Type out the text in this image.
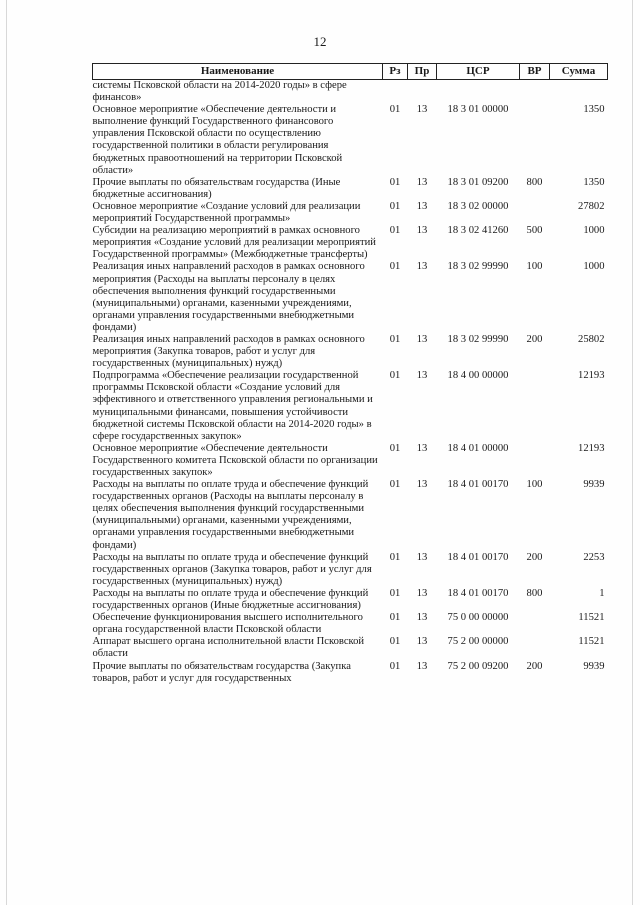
12
Наименование	Рз	Пр	ЦСР	ВР	Сумма
системы Псковской области на 2014-2020 годы» в сфере финансов»					
Основное мероприятие «Обеспечение деятельности и выполнение функций Государственного финансового управления Псковской области по осуществлению государственной политики в области регулирования бюджетных правоотношений на территории Псковской области»	01	13	18 3 01 00000		1350
Прочие выплаты по обязательствам государства (Иные бюджетные ассигнования)	01	13	18 3 01 09200	800	1350
Основное мероприятие «Создание условий для реализации мероприятий Государственной программы»	01	13	18 3 02 00000		27802
Субсидии на реализацию мероприятий в рамках основного мероприятия «Создание условий для реализации мероприятий Государственной программы» (Межбюджетные трансферты)	01	13	18 3 02 41260	500	1000
Реализация иных направлений расходов в рамках основного мероприятия (Расходы на выплаты персоналу в целях обеспечения выполнения функций государственными (муниципальными) органами, казенными учреждениями, органами управления государственными внебюджетными фондами)	01	13	18 3 02 99990	100	1000
Реализация иных направлений расходов в рамках основного мероприятия (Закупка товаров, работ и услуг для государственных (муниципальных) нужд)	01	13	18 3 02 99990	200	25802
Подпрограмма «Обеспечение реализации государственной программы Псковской области «Создание условий для эффективного и ответственного управления региональными и муниципальными финансами, повышения устойчивости бюджетной системы Псковской области на 2014-2020 годы» в сфере государственных закупок»	01	13	18 4 00 00000		12193
Основное мероприятие «Обеспечение деятельности Государственного комитета Псковской области по организации государственных закупок»	01	13	18 4 01 00000		12193
Расходы на выплаты по оплате труда и обеспечение функций государственных органов (Расходы на выплаты персоналу в целях обеспечения выполнения функций государственными (муниципальными) органами, казенными учреждениями, органами управления государственными внебюджетными фондами)	01	13	18 4 01 00170	100	9939
Расходы на выплаты по оплате труда и обеспечение функций государственных органов (Закупка товаров, работ и услуг для государственных (муниципальных) нужд)	01	13	18 4 01 00170	200	2253
Расходы на выплаты по оплате труда и обеспечение функций государственных органов (Иные бюджетные ассигнования)	01	13	18 4 01 00170	800	1
Обеспечение функционирования высшего исполнительного органа государственной власти Псковской области	01	13	75 0 00 00000		11521
Аппарат высшего органа исполнительной власти Псковской области	01	13	75 2 00 00000		11521
Прочие выплаты по обязательствам государства (Закупка товаров, работ и услуг для государственных	01	13	75 2 00 09200	200	9939
